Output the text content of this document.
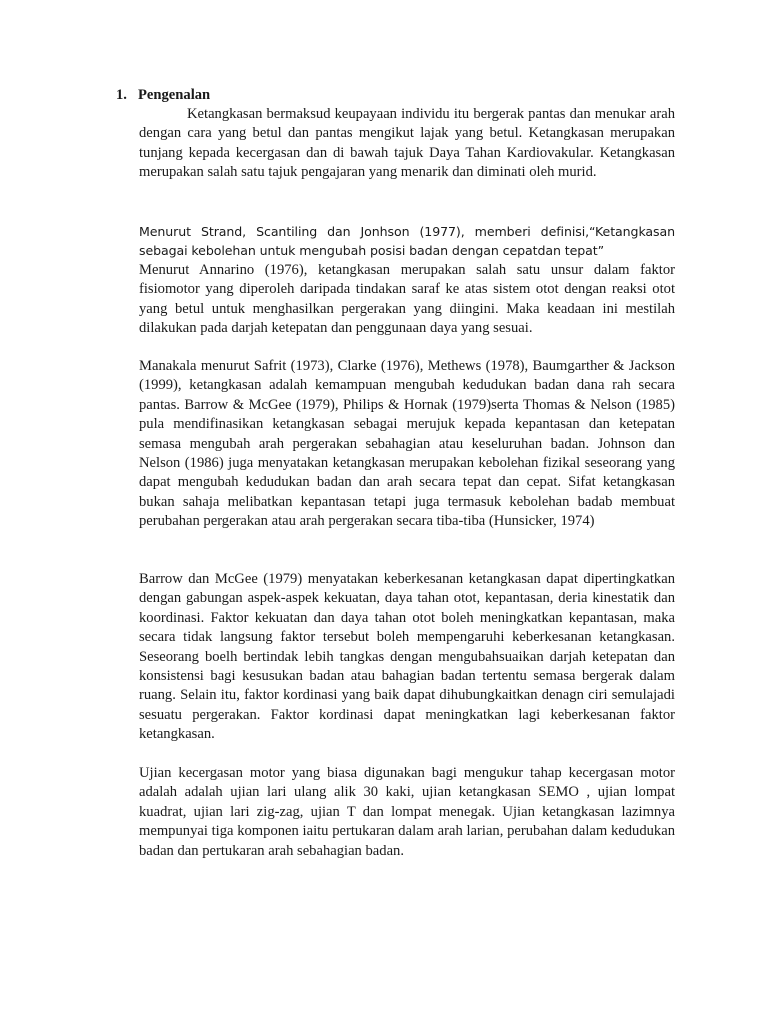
1. Pengenalan

Ketangkasan bermaksud keupayaan individu itu bergerak pantas dan menukar arah dengan cara yang betul dan pantas mengikut lajak yang betul. Ketangkasan merupakan tunjang kepada kecergasan dan di bawah tajuk Daya Tahan Kardiovakular. Ketangkasan merupakan salah satu tajuk pengajaran yang menarik dan diminati oleh murid.

Menurut Strand, Scantiling dan Jonhson (1977), memberi definisi,“Ketangkasan sebagai kebolehan untuk mengubah posisi badan dengan cepatdan tepat”

Menurut Annarino (1976), ketangkasan merupakan salah satu unsur dalam faktor fisiomotor yang diperoleh daripada tindakan saraf ke atas sistem otot dengan reaksi otot yang betul untuk menghasilkan pergerakan yang diingini. Maka keadaan ini mestilah dilakukan pada darjah ketepatan dan penggunaan daya yang sesuai.

Manakala menurut Safrit (1973), Clarke (1976), Methews (1978), Baumgarther & Jackson (1999), ketangkasan adalah kemampuan mengubah kedudukan badan dana rah secara pantas. Barrow & McGee (1979), Philips & Hornak (1979)serta Thomas & Nelson (1985) pula mendifinasikan ketangkasan sebagai merujuk kepada kepantasan dan ketepatan semasa mengubah arah pergerakan sebahagian atau keseluruhan badan. Johnson dan Nelson (1986) juga menyatakan ketangkasan merupakan kebolehan fizikal seseorang yang dapat mengubah kedudukan badan dan arah secara tepat dan cepat. Sifat ketangkasan bukan sahaja melibatkan kepantasan tetapi juga termasuk kebolehan badab membuat perubahan pergerakan atau arah pergerakan secara tiba-tiba (Hunsicker, 1974)

Barrow dan McGee (1979) menyatakan keberkesanan ketangkasan dapat dipertingkatkan dengan gabungan aspek-aspek kekuatan, daya tahan otot, kepantasan, deria kinestatik dan koordinasi. Faktor kekuatan dan daya tahan otot boleh meningkatkan kepantasan, maka secara tidak langsung faktor tersebut boleh mempengaruhi keberkesanan ketangkasan. Seseorang boelh bertindak lebih tangkas dengan mengubahsuaikan darjah ketepatan dan konsistensi bagi kesusukan badan atau bahagian badan tertentu semasa bergerak dalam ruang. Selain itu, faktor kordinasi yang baik dapat dihubungkaitkan denagn ciri semulajadi sesuatu pergerakan. Faktor kordinasi dapat meningkatkan lagi keberkesanan faktor ketangkasan.

Ujian kecergasan motor yang biasa digunakan bagi mengukur tahap kecergasan motor adalah adalah ujian lari ulang alik 30 kaki, ujian ketangkasan SEMO , ujian lompat kuadrat, ujian lari zig-zag, ujian T dan lompat menegak. Ujian ketangkasan lazimnya mempunyai tiga komponen iaitu pertukaran dalam arah larian, perubahan dalam kedudukan badan dan pertukaran arah sebahagian badan.
